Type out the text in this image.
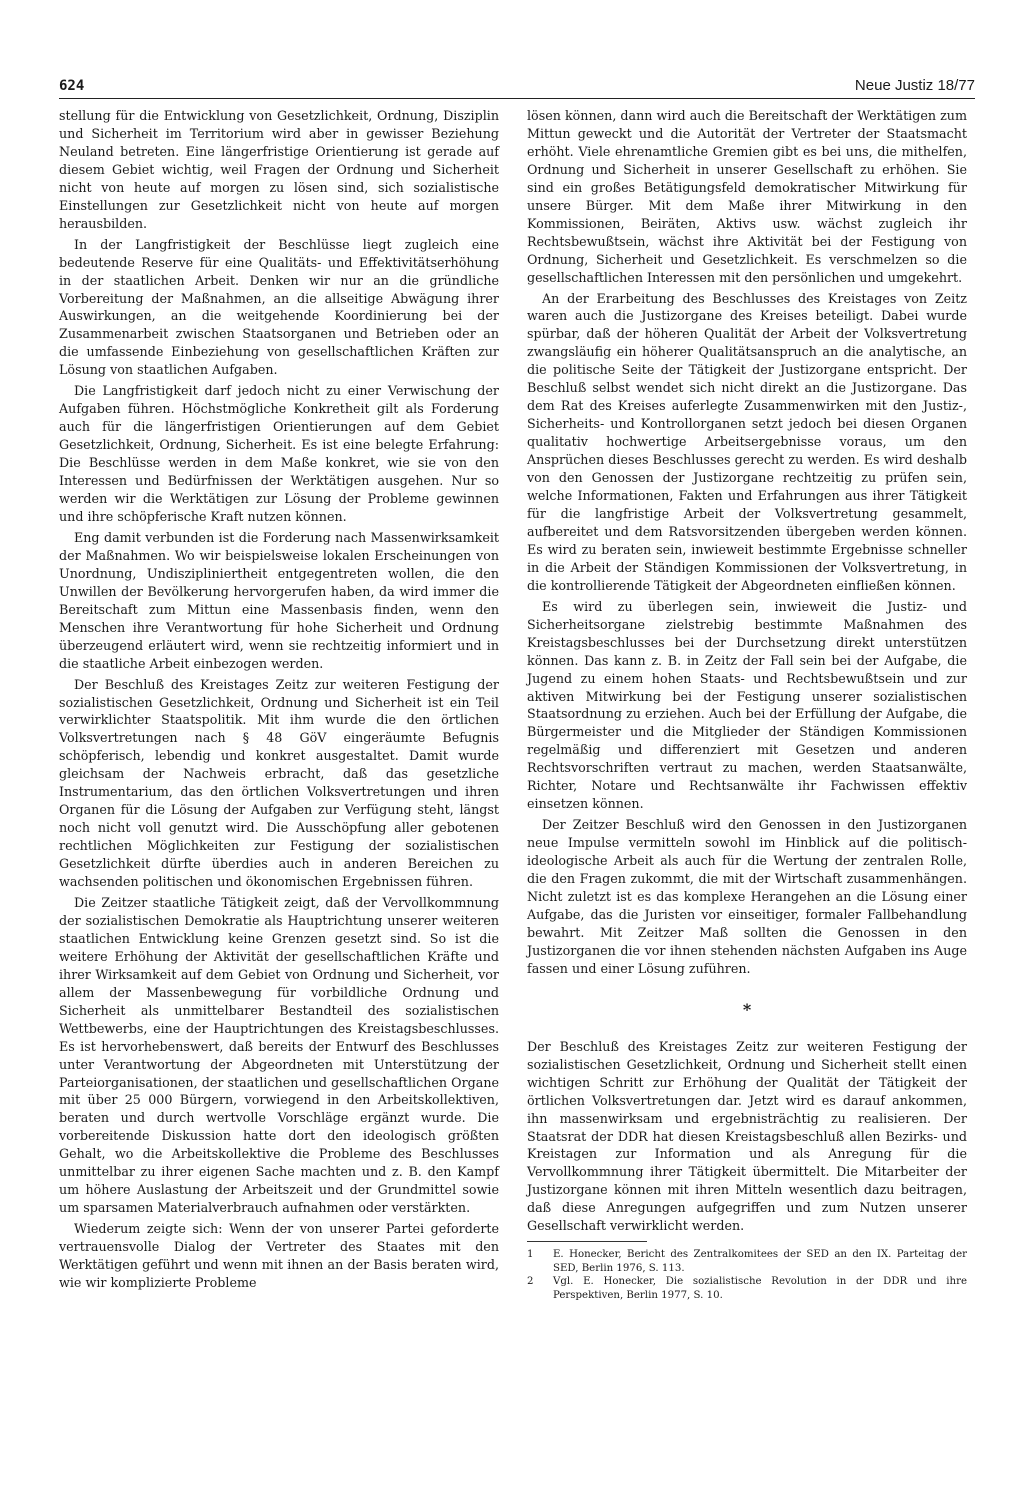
624	Neue Justiz 18/77

stellung für die Entwicklung von Gesetzlichkeit, Ordnung, Disziplin und Sicherheit im Territorium wird aber in gewisser Beziehung Neuland betreten. Eine längerfristige Orientierung ist gerade auf diesem Gebiet wichtig, weil Fragen der Ordnung und Sicherheit nicht von heute auf morgen zu lösen sind, sich sozialistische Einstellungen zur Gesetzlichkeit nicht von heute auf morgen herausbilden.

In der Langfristigkeit der Beschlüsse liegt zugleich eine bedeutende Reserve für eine Qualitäts- und Effektivitätserhöhung in der staatlichen Arbeit. Denken wir nur an die gründliche Vorbereitung der Maßnahmen, an die allseitige Abwägung ihrer Auswirkungen, an die weitgehende Koordinierung bei der Zusammenarbeit zwischen Staatsorganen und Betrieben oder an die umfassende Einbeziehung von gesellschaftlichen Kräften zur Lösung von staatlichen Aufgaben.

Die Langfristigkeit darf jedoch nicht zu einer Verwischung der Aufgaben führen. Höchstmögliche Konkretheit gilt als Forderung auch für die längerfristigen Orientierungen auf dem Gebiet Gesetzlichkeit, Ordnung, Sicherheit. Es ist eine belegte Erfahrung: Die Beschlüsse werden in dem Maße konkret, wie sie von den Interessen und Bedürfnissen der Werktätigen ausgehen. Nur so werden wir die Werktätigen zur Lösung der Probleme gewinnen und ihre schöpferische Kraft nutzen können.

Eng damit verbunden ist die Forderung nach Massenwirksamkeit der Maßnahmen. Wo wir beispielsweise lokalen Erscheinungen von Unordnung, Undiszipliniertheit entgegentreten wollen, die den Unwillen der Bevölkerung hervorgerufen haben, da wird immer die Bereitschaft zum Mittun eine Massenbasis finden, wenn den Menschen ihre Verantwortung für hohe Sicherheit und Ordnung überzeugend erläutert wird, wenn sie rechtzeitig informiert und in die staatliche Arbeit einbezogen werden.

Der Beschluß des Kreistages Zeitz zur weiteren Festigung der sozialistischen Gesetzlichkeit, Ordnung und Sicherheit ist ein Teil verwirklichter Staatspolitik. Mit ihm wurde die den örtlichen Volksvertretungen nach § 48 GöV eingeräumte Befugnis schöpferisch, lebendig und konkret ausgestaltet. Damit wurde gleichsam der Nachweis erbracht, daß das gesetzliche Instrumentarium, das den örtlichen Volksvertretungen und ihren Organen für die Lösung der Aufgaben zur Verfügung steht, längst noch nicht voll genutzt wird. Die Ausschöpfung aller gebotenen rechtlichen Möglichkeiten zur Festigung der sozialistischen Gesetzlichkeit dürfte überdies auch in anderen Bereichen zu wachsenden politischen und ökonomischen Ergebnissen führen.

Die Zeitzer staatliche Tätigkeit zeigt, daß der Vervollkommnung der sozialistischen Demokratie als Hauptrichtung unserer weiteren staatlichen Entwicklung keine Grenzen gesetzt sind. So ist die weitere Erhöhung der Aktivität der gesellschaftlichen Kräfte und ihrer Wirksamkeit auf dem Gebiet von Ordnung und Sicherheit, vor allem der Massenbewegung für vorbildliche Ordnung und Sicherheit als unmittelbarer Bestandteil des sozialistischen Wettbewerbs, eine der Hauptrichtungen des Kreistagsbeschlusses. Es ist hervorhebenswert, daß bereits der Entwurf des Beschlusses unter Verantwortung der Abgeordneten mit Unterstützung der Parteiorganisationen, der staatlichen und gesellschaftlichen Organe mit über 25 000 Bürgern, vorwiegend in den Arbeitskollektiven, beraten und durch wertvolle Vorschläge ergänzt wurde. Die vorbereitende Diskussion hatte dort den ideologisch größten Gehalt, wo die Arbeitskollektive die Probleme des Beschlusses unmittelbar zu ihrer eigenen Sache machten und z. B. den Kampf um höhere Auslastung der Arbeitszeit und der Grundmittel sowie um sparsamen Materialverbrauch aufnahmen oder verstärkten.

Wiederum zeigte sich: Wenn der von unserer Partei geforderte vertrauensvolle Dialog der Vertreter des Staates mit den Werktätigen geführt und wenn mit ihnen an der Basis beraten wird, wie wir komplizierte Probleme

lösen können, dann wird auch die Bereitschaft der Werktätigen zum Mittun geweckt und die Autorität der Vertreter der Staatsmacht erhöht. Viele ehrenamtliche Gremien gibt es bei uns, die mithelfen, Ordnung und Sicherheit in unserer Gesellschaft zu erhöhen. Sie sind ein großes Betätigungsfeld demokratischer Mitwirkung für unsere Bürger. Mit dem Maße ihrer Mitwirkung in den Kommissionen, Beiräten, Aktivs usw. wächst zugleich ihr Rechtsbewußtsein, wächst ihre Aktivität bei der Festigung von Ordnung, Sicherheit und Gesetzlichkeit. Es verschmelzen so die gesellschaftlichen Interessen mit den persönlichen und umgekehrt.

An der Erarbeitung des Beschlusses des Kreistages von Zeitz waren auch die Justizorgane des Kreises beteiligt. Dabei wurde spürbar, daß der höheren Qualität der Arbeit der Volksvertretung zwangsläufig ein höherer Qualitätsanspruch an die analytische, an die politische Seite der Tätigkeit der Justizorgane entspricht. Der Beschluß selbst wendet sich nicht direkt an die Justizorgane. Das dem Rat des Kreises auferlegte Zusammenwirken mit den Justiz-, Sicherheits- und Kontrollorganen setzt jedoch bei diesen Organen qualitativ hochwertige Arbeitsergebnisse voraus, um den Ansprüchen dieses Beschlusses gerecht zu werden. Es wird deshalb von den Genossen der Justizorgane rechtzeitig zu prüfen sein, welche Informationen, Fakten und Erfahrungen aus ihrer Tätigkeit für die langfristige Arbeit der Volksvertretung gesammelt, aufbereitet und dem Ratsvorsitzenden übergeben werden können. Es wird zu beraten sein, inwieweit bestimmte Ergebnisse schneller in die Arbeit der Ständigen Kommissionen der Volksvertretung, in die kontrollierende Tätigkeit der Abgeordneten einfließen können.

Es wird zu überlegen sein, inwieweit die Justiz- und Sicherheitsorgane zielstrebig bestimmte Maßnahmen des Kreistagsbeschlusses bei der Durchsetzung direkt unterstützen können. Das kann z. B. in Zeitz der Fall sein bei der Aufgabe, die Jugend zu einem hohen Staats- und Rechtsbewußtsein und zur aktiven Mitwirkung bei der Festigung unserer sozialistischen Staatsordnung zu erziehen. Auch bei der Erfüllung der Aufgabe, die Bürgermeister und die Mitglieder der Ständigen Kommissionen regelmäßig und differenziert mit Gesetzen und anderen Rechtsvorschriften vertraut zu machen, werden Staatsanwälte, Richter, Notare und Rechtsanwälte ihr Fachwissen effektiv einsetzen können.

Der Zeitzer Beschluß wird den Genossen in den Justizorganen neue Impulse vermitteln sowohl im Hinblick auf die politisch-ideologische Arbeit als auch für die Wertung der zentralen Rolle, die den Fragen zukommt, die mit der Wirtschaft zusammenhängen. Nicht zuletzt ist es das komplexe Herangehen an die Lösung einer Aufgabe, das die Juristen vor einseitiger, formaler Fallbehandlung bewahrt. Mit Zeitzer Maß sollten die Genossen in den Justizorganen die vor ihnen stehenden nächsten Aufgaben ins Auge fassen und einer Lösung zuführen.

*

Der Beschluß des Kreistages Zeitz zur weiteren Festigung der sozialistischen Gesetzlichkeit, Ordnung und Sicherheit stellt einen wichtigen Schritt zur Erhöhung der Qualität der Tätigkeit der örtlichen Volksvertretungen dar. Jetzt wird es darauf ankommen, ihn massenwirksam und ergebnisträchtig zu realisieren. Der Staatsrat der DDR hat diesen Kreistagsbeschluß allen Bezirks- und Kreistagen zur Information und als Anregung für die Vervollkommnung ihrer Tätigkeit übermittelt. Die Mitarbeiter der Justizorgane können mit ihren Mitteln wesentlich dazu beitragen, daß diese Anregungen aufgegriffen und zum Nutzen unserer Gesellschaft verwirklicht werden.

1 E. Honecker, Bericht des Zentralkomitees der SED an den IX. Parteitag der SED, Berlin 1976, S. 113.

2 Vgl. E. Honecker, Die sozialistische Revolution in der DDR und ihre Perspektiven, Berlin 1977, S. 10.
